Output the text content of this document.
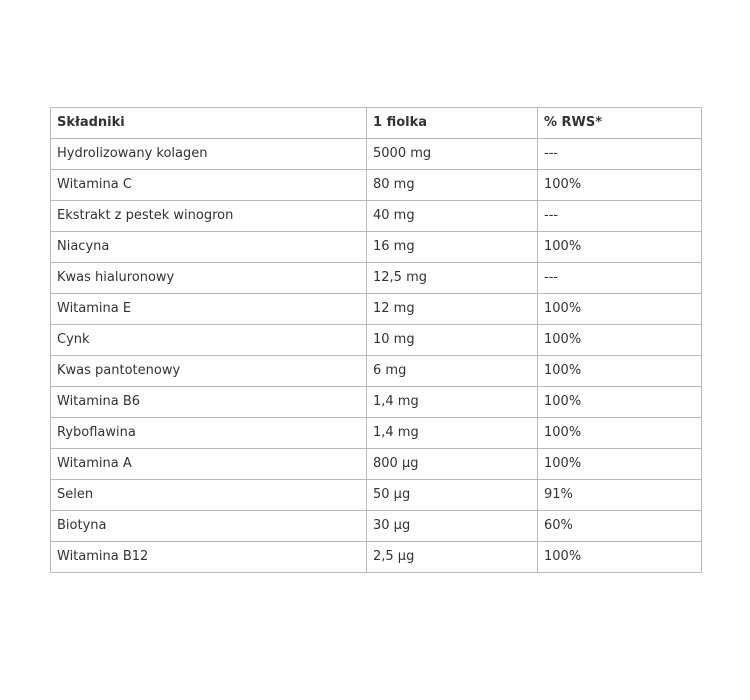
Składniki	1 fiolka	% RWS*
Hydrolizowany kolagen	5000 mg	---
Witamina C	80 mg	100%
Ekstrakt z pestek winogron	40 mg	---
Niacyna	16 mg	100%
Kwas hialuronowy	12,5 mg	---
Witamina E	12 mg	100%
Cynk	10 mg	100%
Kwas pantotenowy	6 mg	100%
Witamina B6	1,4 mg	100%
Ryboflawina	1,4 mg	100%
Witamina A	800 µg	100%
Selen	50 µg	91%
Biotyna	30 µg	60%
Witamina B12	2,5 µg	100%
